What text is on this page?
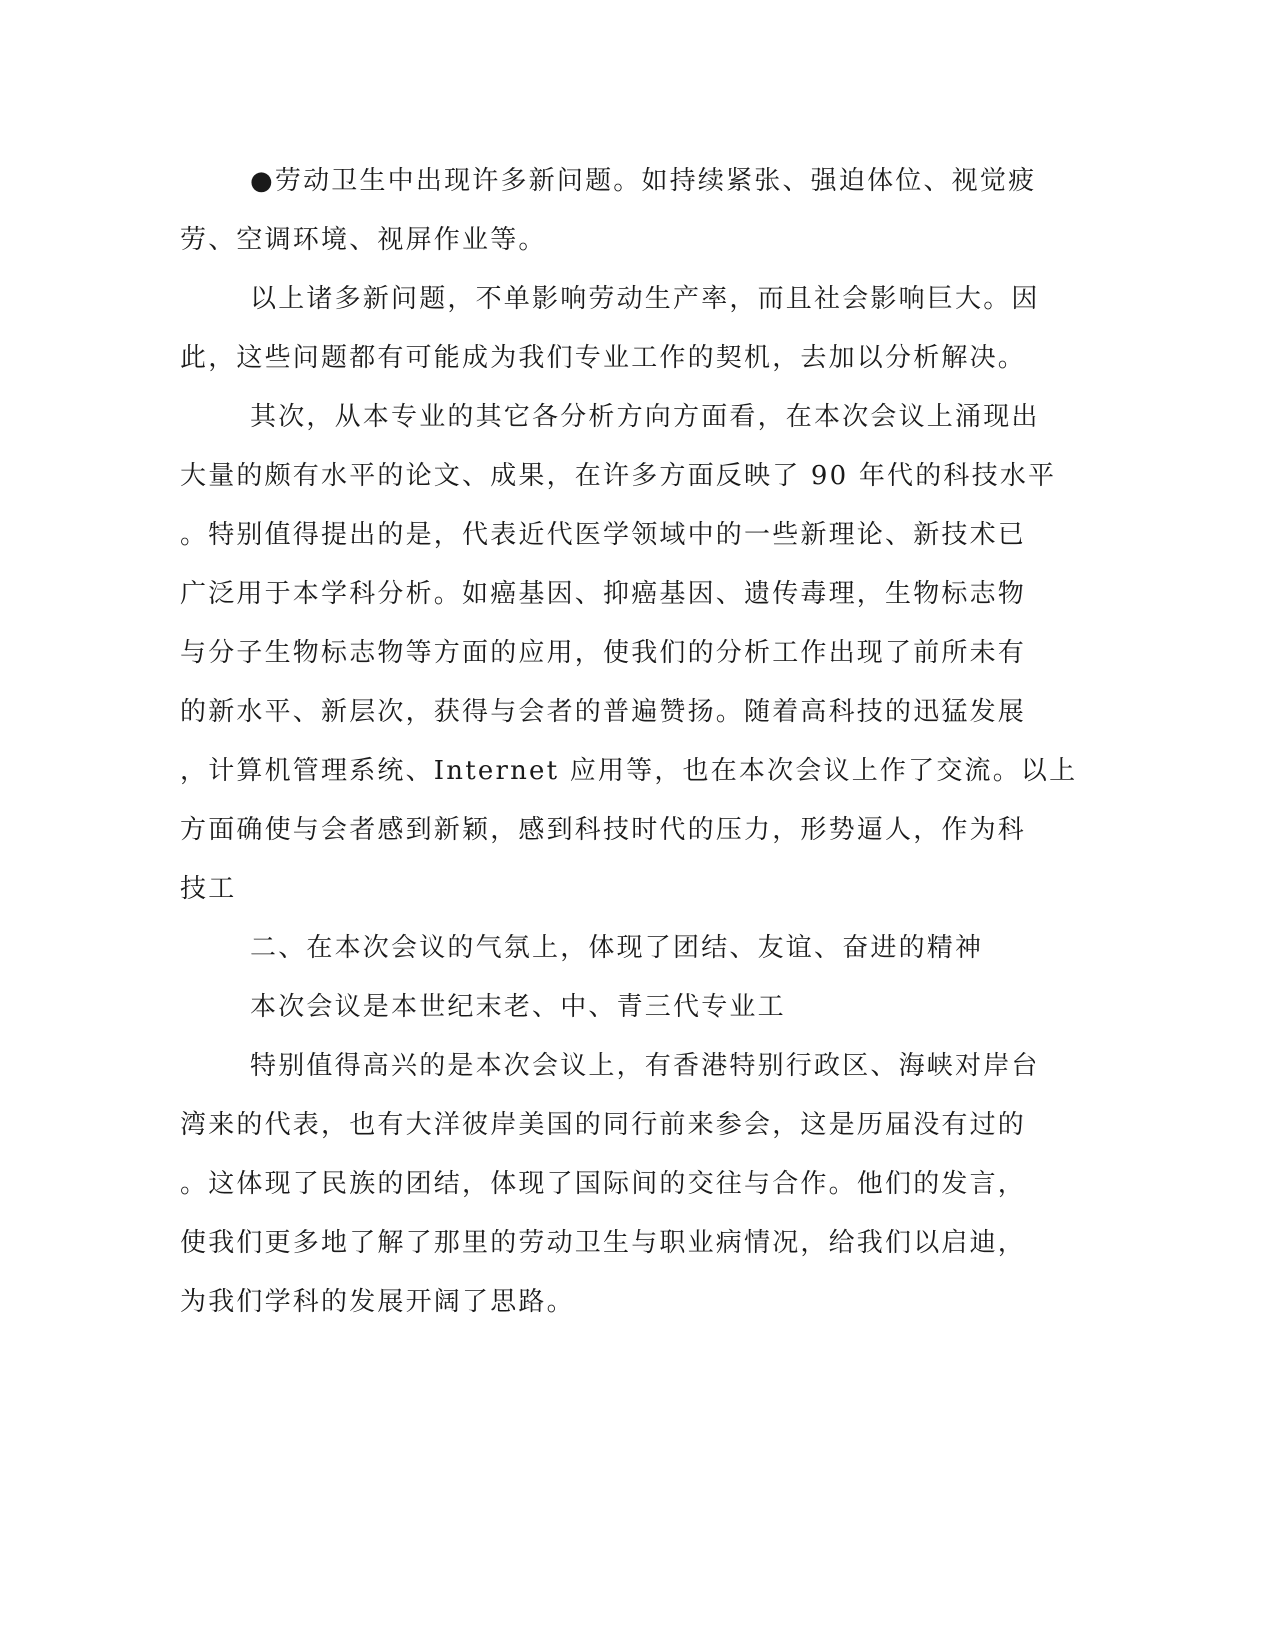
●劳动卫生中出现许多新问题。如持续紧张、强迫体位、视觉疲
劳、空调环境、视屏作业等。
以上诸多新问题，不单影响劳动生产率，而且社会影响巨大。因
此，这些问题都有可能成为我们专业工作的契机，去加以分析解决。
其次，从本专业的其它各分析方向方面看，在本次会议上涌现出
大量的颇有水平的论文、成果，在许多方面反映了 90 年代的科技水平
。特别值得提出的是，代表近代医学领域中的一些新理论、新技术已
广泛用于本学科分析。如癌基因、抑癌基因、遗传毒理，生物标志物
与分子生物标志物等方面的应用，使我们的分析工作出现了前所未有
的新水平、新层次，获得与会者的普遍赞扬。随着高科技的迅猛发展
，计算机管理系统、Internet 应用等，也在本次会议上作了交流。以上
方面确使与会者感到新颖，感到科技时代的压力，形势逼人，作为科
技工
二、在本次会议的气氛上，体现了团结、友谊、奋进的精神
本次会议是本世纪末老、中、青三代专业工
特别值得高兴的是本次会议上，有香港特别行政区、海峡对岸台
湾来的代表，也有大洋彼岸美国的同行前来参会，这是历届没有过的
。这体现了民族的团结，体现了国际间的交往与合作。他们的发言，
使我们更多地了解了那里的劳动卫生与职业病情况，给我们以启迪，
为我们学科的发展开阔了思路。
